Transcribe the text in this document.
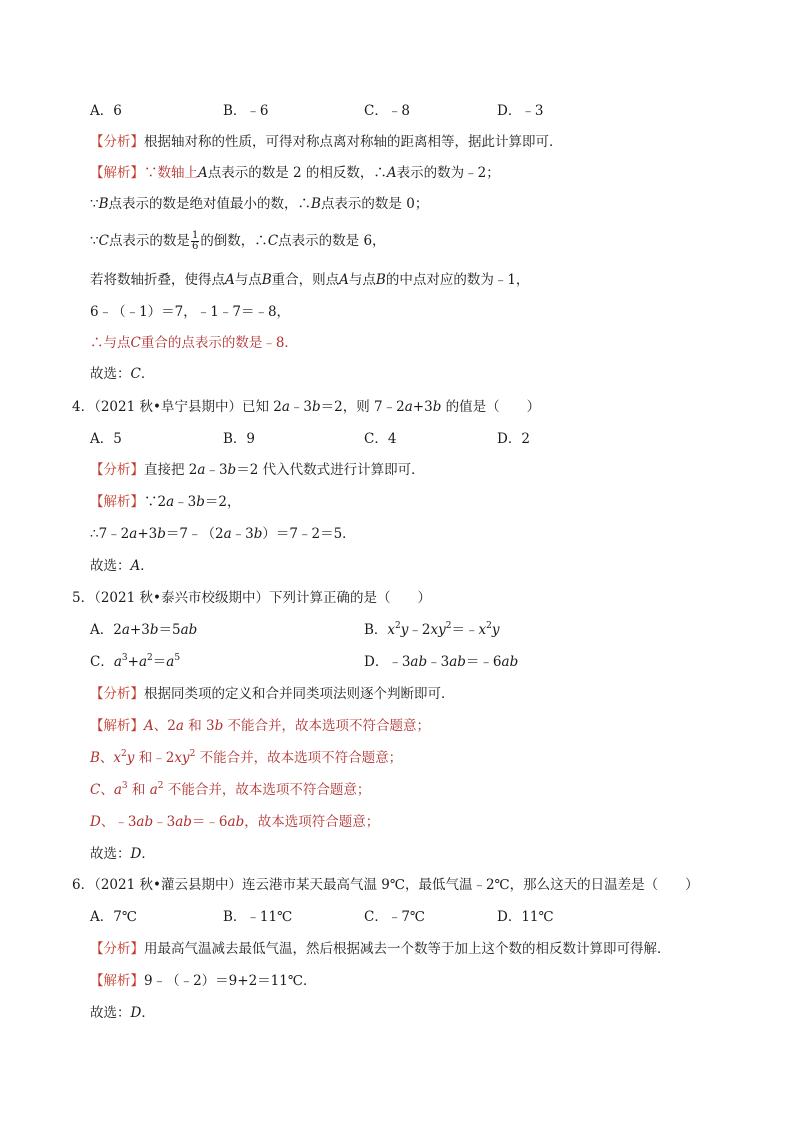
A．6	B．﹣6	C．﹣8	D．﹣3
【分析】根据轴对称的性质，可得对称点离对称轴的距离相等，据此计算即可．
【解析】∵数轴上A点表示的数是 2 的相反数，∴A表示的数为﹣2；
∵B点表示的数是绝对值最小的数，∴B点表示的数是 0；
∵C点表示的数是 $\frac{1}{6}$ 的倒数，∴C点表示的数是 6，
若将数轴折叠，使得点A与点B重合，则点A与点B的中点对应的数为﹣1，
6﹣（﹣1）＝7，﹣1﹣7＝﹣8，
∴与点C重合的点表示的数是﹣8．
故选：C．
4．（2021 秋•阜宁县期中）已知 2a﹣3b＝2，则 7﹣2a+3b 的值是（　　）
A．5	B．9	C．4	D．2
【分析】直接把 2a﹣3b＝2 代入代数式进行计算即可．
【解析】∵2a﹣3b＝2，
∴7﹣2a+3b＝7﹣（2a﹣3b）＝7﹣2＝5．
故选：A．
5．（2021 秋•泰兴市校级期中）下列计算正确的是（　　）
A．2a+3b＝5ab	B．$x^2y﹣2xy^2=﹣x^2y$
C．$a^3+a^2=a^5$	D．﹣3ab﹣3ab＝﹣6ab
【分析】根据同类项的定义和合并同类项法则逐个判断即可．
【解析】A、2a 和 3b 不能合并，故本选项不符合题意；
B、$x^2y$ 和$﹣2xy^2$ 不能合并，故本选项不符合题意；
C、$a^3$ 和 $a^2$ 不能合并，故本选项不符合题意；
D、﹣3ab﹣3ab＝﹣6ab，故本选项符合题意；
故选：D．
6．（2021 秋•灌云县期中）连云港市某天最高气温 9℃，最低气温﹣2℃，那么这天的日温差是（　　）
A．7℃	B．﹣11℃	C．﹣7℃	D．11℃
【分析】用最高气温减去最低气温，然后根据减去一个数等于加上这个数的相反数计算即可得解．
【解析】9﹣（﹣2）＝9+2＝11℃．
故选：D．
